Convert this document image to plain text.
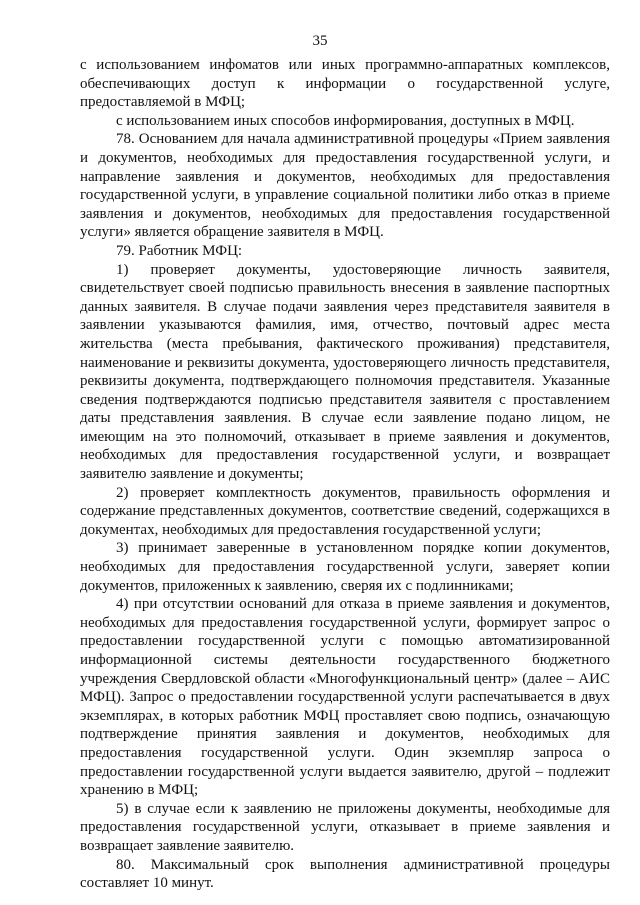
35

с использованием инфоматов или иных программно-аппаратных комплексов, обеспечивающих доступ к информации о государственной услуге, предоставляемой в МФЦ;

с использованием иных способов информирования, доступных в МФЦ.

78. Основанием для начала административной процедуры «Прием заявления и документов, необходимых для предоставления государственной услуги, и направление заявления и документов, необходимых для предоставления государственной услуги, в управление социальной политики либо отказ в приеме заявления и документов, необходимых для предоставления государственной услуги» является обращение заявителя в МФЦ.

79. Работник МФЦ:

1) проверяет документы, удостоверяющие личность заявителя, свидетельствует своей подписью правильность внесения в заявление паспортных данных заявителя. В случае подачи заявления через представителя заявителя в заявлении указываются фамилия, имя, отчество, почтовый адрес места жительства (места пребывания, фактического проживания) представителя, наименование и реквизиты документа, удостоверяющего личность представителя, реквизиты документа, подтверждающего полномочия представителя. Указанные сведения подтверждаются подписью представителя заявителя с проставлением даты представления заявления. В случае если заявление подано лицом, не имеющим на это полномочий, отказывает в приеме заявления и документов, необходимых для предоставления государственной услуги, и возвращает заявителю заявление и документы;

2) проверяет комплектность документов, правильность оформления и содержание представленных документов, соответствие сведений, содержащихся в документах, необходимых для предоставления государственной услуги;

3) принимает заверенные в установленном порядке копии документов, необходимых для предоставления государственной услуги, заверяет копии документов, приложенных к заявлению, сверяя их с подлинниками;

4) при отсутствии оснований для отказа в приеме заявления и документов, необходимых для предоставления государственной услуги, формирует запрос о предоставлении государственной услуги с помощью автоматизированной информационной системы деятельности государственного бюджетного учреждения Свердловской области «Многофункциональный центр» (далее – АИС МФЦ). Запрос о предоставлении государственной услуги распечатывается в двух экземплярах, в которых работник МФЦ проставляет свою подпись, означающую подтверждение принятия заявления и документов, необходимых для предоставления государственной услуги. Один экземпляр запроса о предоставлении государственной услуги выдается заявителю, другой – подлежит хранению в МФЦ;

5) в случае если к заявлению не приложены документы, необходимые для предоставления государственной услуги, отказывает в приеме заявления и возвращает заявление заявителю.

80. Максимальный срок выполнения административной процедуры составляет 10 минут.
